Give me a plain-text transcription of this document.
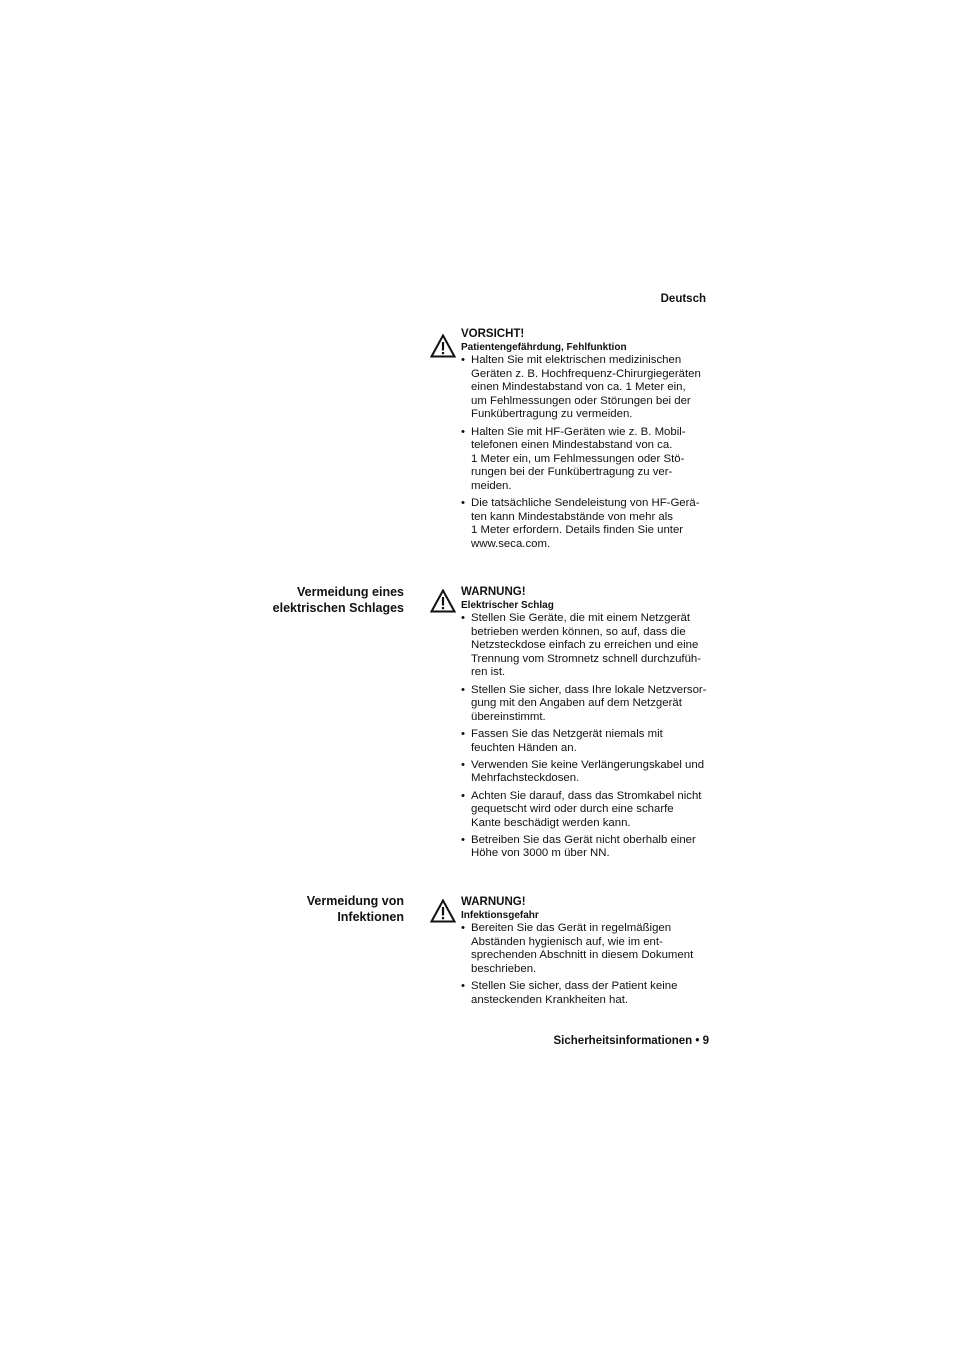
Deutsch
VORSICHT!
Patientengefährdung, Fehlfunktion
• Halten Sie mit elektrischen medizinischen
Geräten z. B. Hochfrequenz-Chirurgiegeräten
einen Mindestabstand von ca. 1 Meter ein,
um Fehlmessungen oder Störungen bei der
Funkübertragung zu vermeiden.
• Halten Sie mit HF-Geräten wie z. B. Mobil-
telefonen einen Mindestabstand von ca.
1 Meter ein, um Fehlmessungen oder Stö-
rungen bei der Funkübertragung zu ver-
meiden.
• Die tatsächliche Sendeleistung von HF-Gerä-
ten kann Mindestabstände von mehr als
1 Meter erfordern. Details finden Sie unter
www.seca.com.
Vermeidung eines
elektrischen Schlages
WARNUNG!
Elektrischer Schlag
• Stellen Sie Geräte, die mit einem Netzgerät
betrieben werden können, so auf, dass die
Netzsteckdose einfach zu erreichen und eine
Trennung vom Stromnetz schnell durchzufüh-
ren ist.
• Stellen Sie sicher, dass Ihre lokale Netzversor-
gung mit den Angaben auf dem Netzgerät
übereinstimmt.
• Fassen Sie das Netzgerät niemals mit
feuchten Händen an.
• Verwenden Sie keine Verlängerungskabel und
Mehrfachsteckdosen.
• Achten Sie darauf, dass das Stromkabel nicht
gequetscht wird oder durch eine scharfe
Kante beschädigt werden kann.
• Betreiben Sie das Gerät nicht oberhalb einer
Höhe von 3000 m über NN.
Vermeidung von
Infektionen
WARNUNG!
Infektionsgefahr
• Bereiten Sie das Gerät in regelmäßigen
Abständen hygienisch auf, wie im ent-
sprechenden Abschnitt in diesem Dokument
beschrieben.
• Stellen Sie sicher, dass der Patient keine
ansteckenden Krankheiten hat.
Sicherheitsinformationen • 9
